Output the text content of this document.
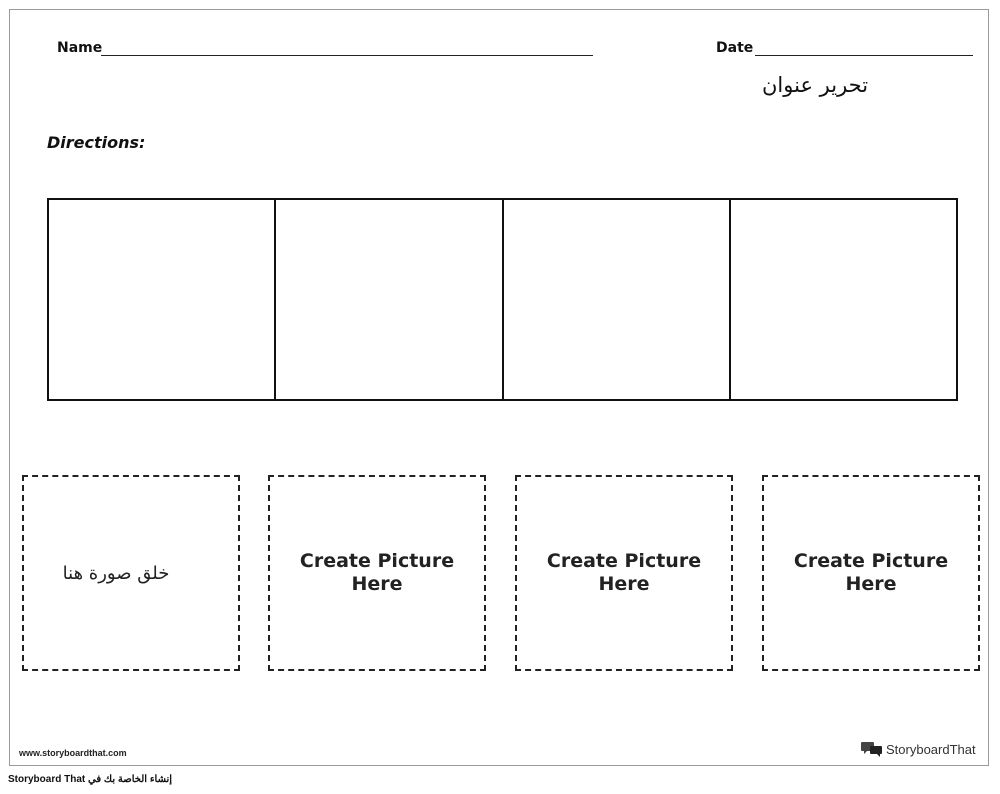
Name	Date
تحرير عنوان
Directions:
خلق صورة هنا
Create Picture
Here
Create Picture
Here
Create Picture
Here
www.storyboardthat.com	StoryboardThat
إنشاء الخاصة بك في Storyboard That
